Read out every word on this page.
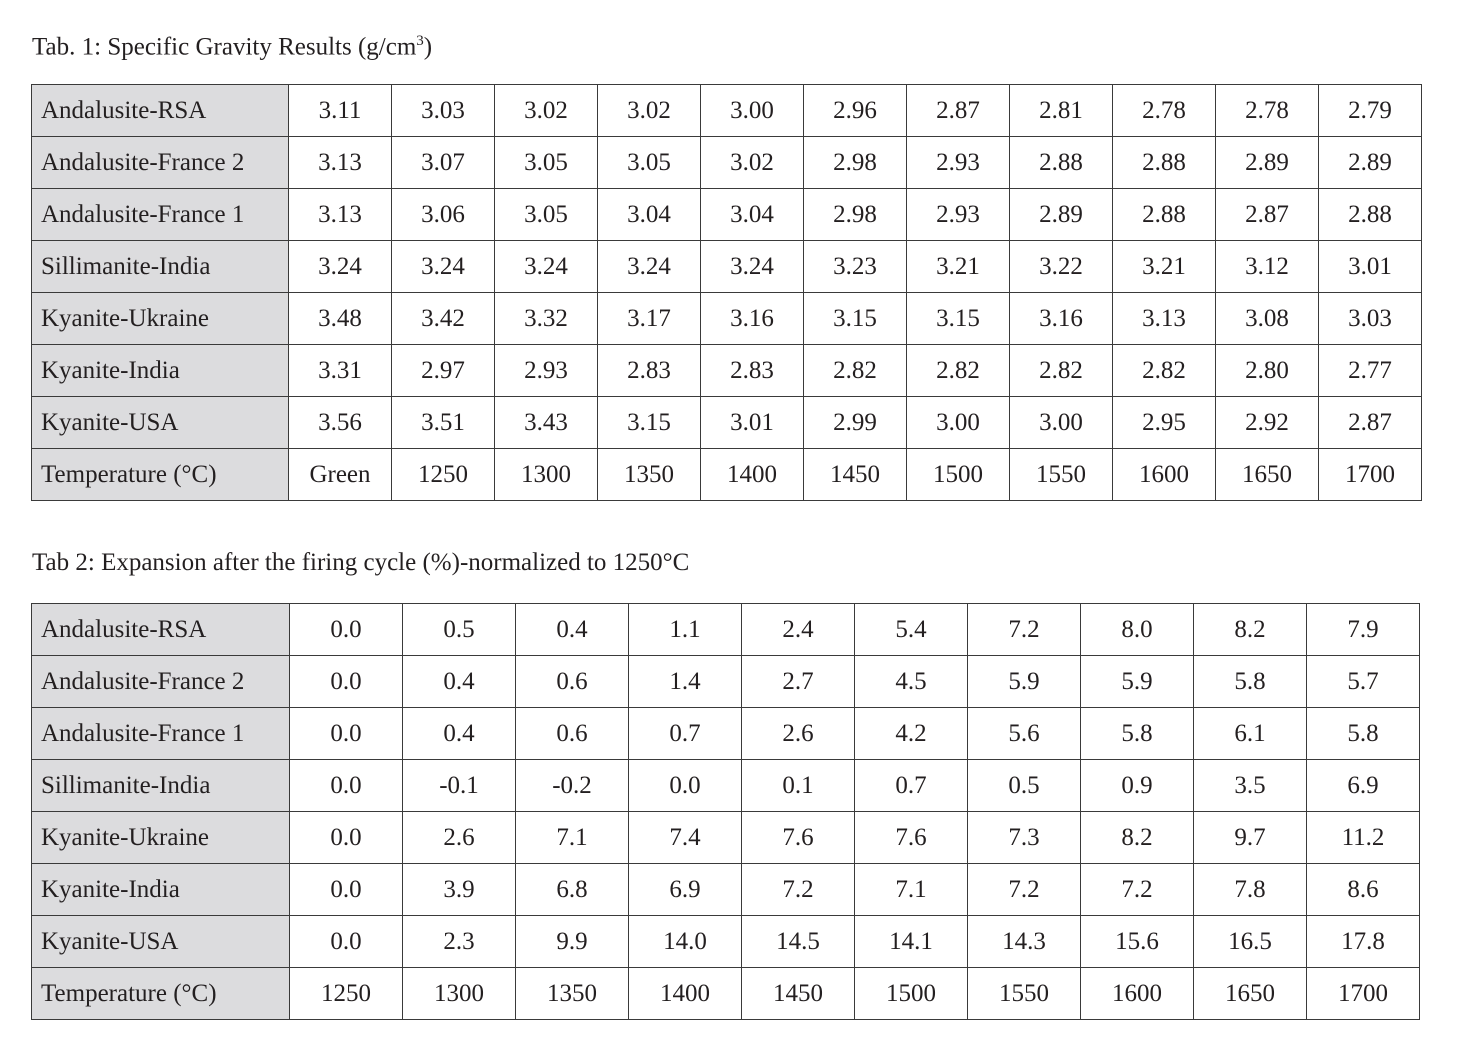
Tab. 1: Specific Gravity Results $(g/cm^3)$
Andalusite-RSA	3.11	3.03	3.02	3.02	3.00	2.96	2.87	2.81	2.78	2.78	2.79
Andalusite-France 2	3.13	3.07	3.05	3.05	3.02	2.98	2.93	2.88	2.88	2.89	2.89
Andalusite-France 1	3.13	3.06	3.05	3.04	3.04	2.98	2.93	2.89	2.88	2.87	2.88
Sillimanite-India	3.24	3.24	3.24	3.24	3.24	3.23	3.21	3.22	3.21	3.12	3.01
Kyanite-Ukraine	3.48	3.42	3.32	3.17	3.16	3.15	3.15	3.16	3.13	3.08	3.03
Kyanite-India	3.31	2.97	2.93	2.83	2.83	2.82	2.82	2.82	2.82	2.80	2.77
Kyanite-USA	3.56	3.51	3.43	3.15	3.01	2.99	3.00	3.00	2.95	2.92	2.87
Temperature (°C)	Green	1250	1300	1350	1400	1450	1500	1550	1600	1650	1700
Tab 2: Expansion after the firing cycle (%)-normalized to 1250°C
Andalusite-RSA	0.0	0.5	0.4	1.1	2.4	5.4	7.2	8.0	8.2	7.9
Andalusite-France 2	0.0	0.4	0.6	1.4	2.7	4.5	5.9	5.9	5.8	5.7
Andalusite-France 1	0.0	0.4	0.6	0.7	2.6	4.2	5.6	5.8	6.1	5.8
Sillimanite-India	0.0	-0.1	-0.2	0.0	0.1	0.7	0.5	0.9	3.5	6.9
Kyanite-Ukraine	0.0	2.6	7.1	7.4	7.6	7.6	7.3	8.2	9.7	11.2
Kyanite-India	0.0	3.9	6.8	6.9	7.2	7.1	7.2	7.2	7.8	8.6
Kyanite-USA	0.0	2.3	9.9	14.0	14.5	14.1	14.3	15.6	16.5	17.8
Temperature (°C)	1250	1300	1350	1400	1450	1500	1550	1600	1650	1700
